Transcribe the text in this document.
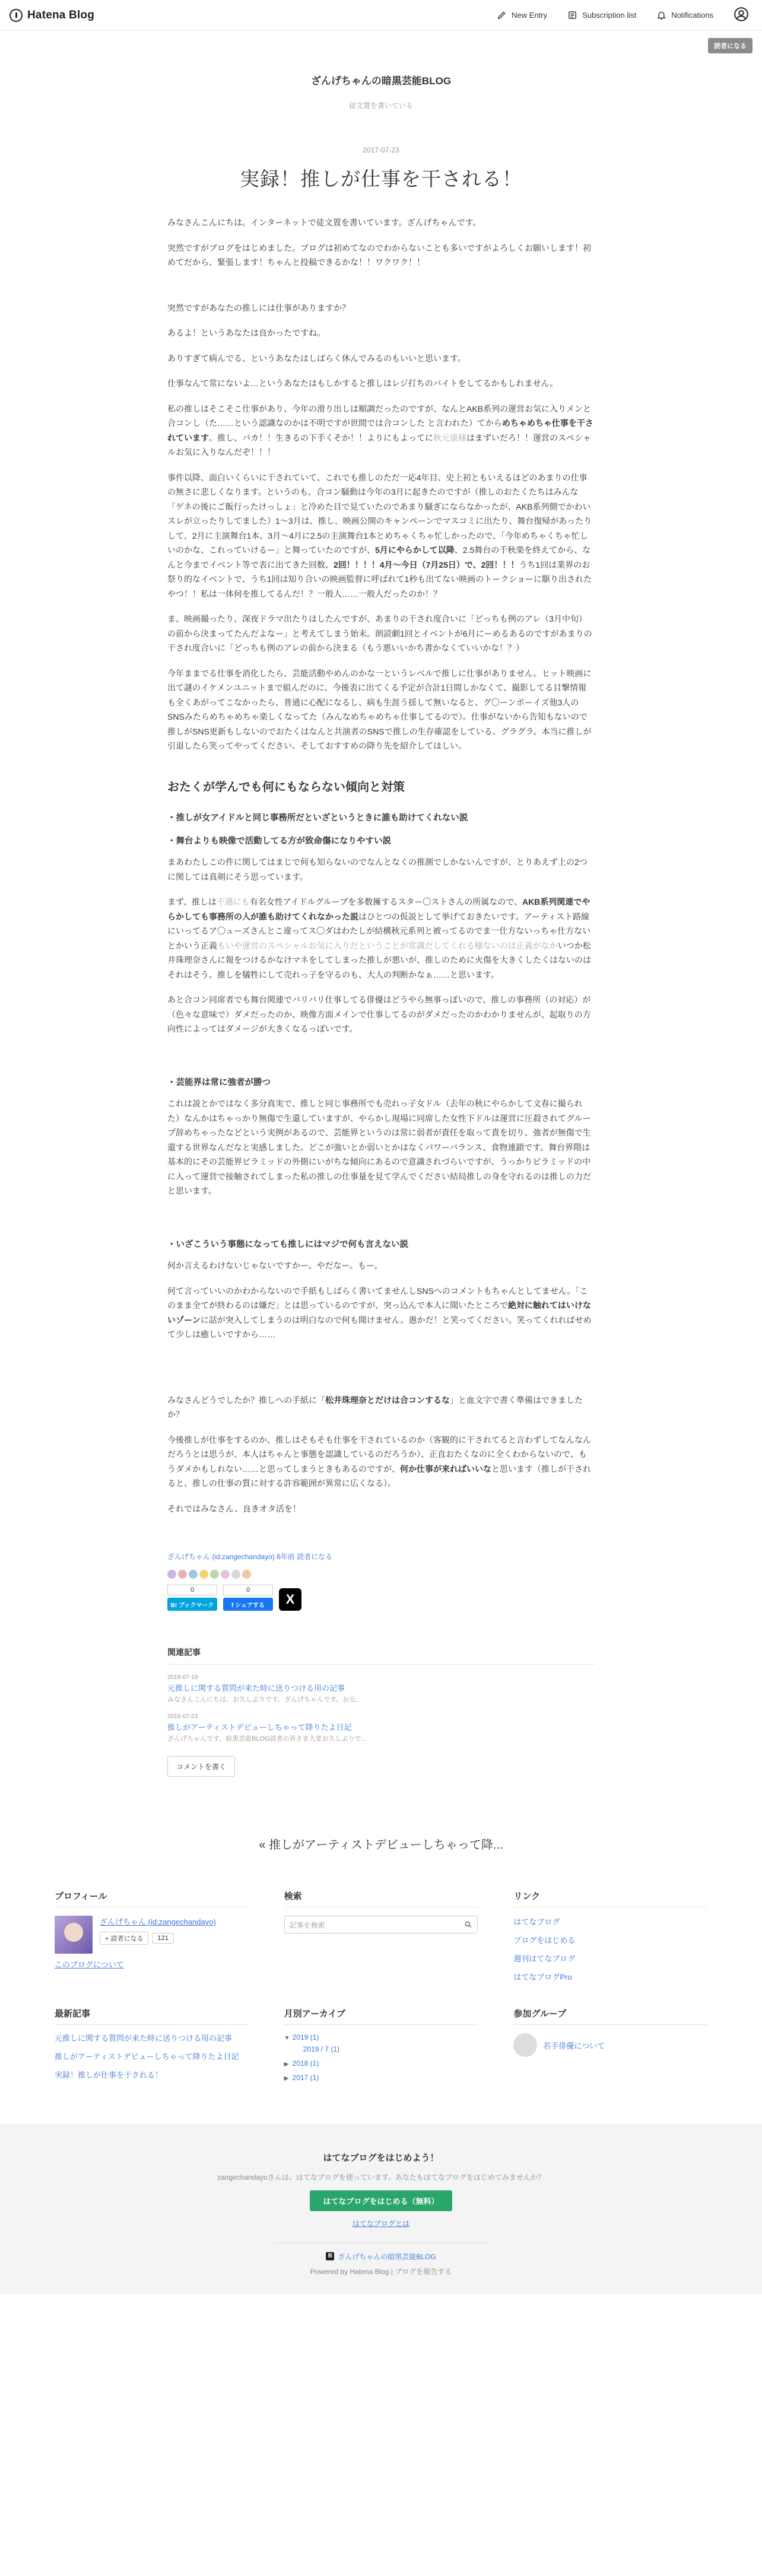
Hatena Blog	New Entry	Subscription list	Notifications
読者になる
ざんげちゃんの暗黒芸能BLOG
徒文置を書いている
2017-07-23
実録！推しが仕事を干される！

みなさんこんにちは。インターネットで徒文置を書いています。ざんげちゃんです。

突然ですがブログをはじめました。ブログは初めてなのでわからないことも多いですがよろしくお願いします！初めてだから、緊張します！ちゃんと投稿できるかな！！ワクワク！！

突然ですがあなたの推しには仕事がありますか？

あるよ！というあなたは良かったですね。

ありすぎて病んでる、というあなたはしばらく休んでみるのもいいと思います。

仕事なんて常にないよ…というあなたはもしかすると推しはレジ打ちのバイトをしてるかもしれません。

私の推しはそこそこ仕事があり、今年の滑り出しは順調だったのですが、なんとAKB系列の運営お気に入りメンと合コンし（た……という認識なのかは不明ですが世間では合コンした と言われた）てからめちゃめちゃ仕事を干されています。推し、バカ！！生きるの下手くそか！！よりにもよってに秋元康様はまずいだろ！！運営のスペシャルお気に入りなんだぞ！！！

事件以降、面白いくらいに干されていて、これでも推しのただ一応4年目、史上初ともいえるほどのあまりの仕事の無さに悲しくなります。というのも、合コン騒動は今年の3月に起きたのですが（推しのおたくたちはみんな「ゲネの後にご飯行ったけっしょ」と冷めた目で見ていたのであまり騒ぎにならなかったが、AKB系列側でかわいスレが立ったりしてました）1〜3月は、推し、映画公開のキャンペーンでマスコミに出たり、舞台復帰があったりして、2月に主演舞台1本、3月〜4月に2.5の主演舞台1本とめちゃくちゃ忙しかったので、「今年めちゃくちゃ忙しいのかな、これっていけるー」と舞っていたのですが、5月にやらかして以降、2.5舞台の千秋楽を終えてから、なんと今までイベント等で表に出てきた回数、2回！！！！4月〜今日（7月25日）で、2回！！！うち1回は業界のお祭り的なイベントで、うち1回は知り合いの映画監督に呼ばれて1秒も出てない映画のトークショーに駆り出されたやつ！！私は一体何を推してるんだ！？一般人……一般人だったのか！？

ま、映画撮ったり、深夜ドラマ出たりはしたんですが、あまりの干され度合いに「どっちも例のアレ（3月中旬）の前から決まってたんだよなー」と考えてしまう始末。朗読劇1回とイベントが6月にーめるあるのですがあまりの干され度合いに「どっちも例のアレの前から決まる（もう悪いいかち書かなくていいかな！？）

今年ままでる仕事を消化したら、芸能活動やめんのかな一というレベルで推しに仕事がありません。ヒット映画に出て謎のイケメンユニットまで組んだのに、今後表に出てくる予定が合計1日間しかなくて、撮影してる目撃情報も全くあがってこなかったら、普通に心配になるし、病も生涯う揺して無いなると、グ〇ーンボーイズ他3人のSNSみたらめちゃめちゃ楽しくなってた（みんなめちゃめちゃ仕事してるので）。仕事がないから告知もないので推しがSNS更新もしないのでおたくはなんと共演者のSNSで推しの生存確認をしている。グラグラ。本当に推しが引退したら笑ってやってください。そしておすすめの降り先を紹介してほしい。

おたくが学んでも何にもならない傾向と対策
・推しが女アイドルと同じ事務所だといざというときに誰も助けてくれない説
・舞台よりも映像で活動してる方が致命傷になりやすい説

まあわたしこの件に関してはまじで何も知らないのでなんとなくの推測でしかないんですが、とりあえず上の2つに関しては真剣にそう思っています。

まず、推しは不遇にも有名女性アイドルグループを多数擁するスター〇ストさんの所属なので、AKB系列関連でやらかしても事務所の人が誰も助けてくれなかった説はひとつの仮説として挙げておきたいです。アーティスト路線にいってるア〇ューズさんとこ違ってス〇ダはわたしが結構秋元系列と被ってるのでま一仕方ないっちゃ仕方ないとかいう正義もいや運営のスペシャルお気に入りだということが常識だしてくれる様ないのは正義がなかいつか松井珠理奈さんに報をつけるかなけマネをしてしまった推しが悪いが、推しのために火傷を大きくしたくはないのはそれはそう。推しを犠牲にして売れっ子を守るのも、大人の判断かなぁ……と思います。

あと合コン同席者でも舞台関連でバリバリ仕事してる俳優はどうやら無事っぽいので、推しの事務所（の対応）が（色々な意味で）ダメだったのか、映像方面メインで仕事してるのがダメだったのかわかりませんが、起取りの方向性によってはダメージが大きくなるっぽいです。

・芸能界は常に強者が勝つ

これは説とかではなく多分真実で、推しと同じ事務所でも売れっ子女ドル（去年の秋にやらかして文春に撮られた）なんかはちゃっかり無傷で生還していますが、やらかし現場に同席した女性下ドルは運営に圧殺されてグループ辞めちゃったなどという実例があるので、芸能界というのは常に弱者が責任を取って責を切り、強者が無傷で生還する世界なんだなと実感しました。どこが強いとか弱いとかはなくパワーバランス、食物連鎖です。舞台界隈は基本的にその芸能界ピラミッドの外側にいがちな傾向にあるので意識されづらいですが、うっかりピラミッドの中に入って運営で接触されてしまった私の推しの仕事量を見て学んでください結局推しの身を守れるのは推しの力だと思います。

・いざこういう事態になっても推しにはマジで何も言えない説

何か言えるわけないじゃないですかー。やだなー。もー。

何て言っていいのかわからないので手紙もしばらく書いてませんしSNSへのコメントもちゃんとしてません。「このまま全てが終わるのは嫌だ」とは思っているのですが、突っ込んで本人に聞いたところで絶対に触れてはいけないゾーンに話が突入してしまうのは明白なので何も聞けません。愚かだ！と笑ってください。笑ってくれればせめて少しは癒しいですから……

みなさんどうでしたか？推しへの手紙に「松井珠理奈とだけは合コンするな」と血文字で書く準備はできましたか？

今後推しが仕事をするのか、推しはそもそも仕事を干されているのか（客観的に干されてると言わずしてなんなんだろうとは思うが、本人はちゃんと事態を認識しているのだろうか）、正直おたくなのに全くわからないので、もうダメかもしれない……と思ってしまうときもあるのですが、何か仕事が来ればいいなと思います（推しが干されると、推しの仕事の質に対する許容範囲が異常に広くなる）。

それではみなさん、良きオタ活を！

ざんげちゃん (id:zangechandayo) 6年前 読者になる
0
B! ブックマーク
0
f シェアする	X
関連記事
2019-07-19
元推しに関する質問が来た時に送りつける用の記事
みなさんこんにちは。お久しぶりです。ざんげちゃんです。お元...
2018-07-23
推しがアーティストデビューしちゃって降りたよ日記
ざんげちゃんです。暗黒芸能BLOG読者の皆さま大変お久しぶりで...
コメントを書く
« 推しがアーティストデビューしちゃって降...
プロフィール
ざんげちゃん (id:zangechandayo)
+ 読者になる	121
このブログについて
検索
記事を検索
リンク
はてなブログ
ブログをはじめる
週刊はてなブログ
はてなブログPro
最新記事
元推しに関する質問が来た時に送りつける用の記事
推しがアーティストデビューしちゃって降りたよ日記
実録！推しが仕事を干される！
月別アーカイブ
▼ 2019 (1)
2019 / 7 (1)
▶ 2018 (1)
▶ 2017 (1)
参加グループ
若手俳優について
はてなブログをはじめよう！
zangechandayoさんは、はてなブログを使っています。あなたもはてなブログをはじめてみませんか？
はてなブログをはじめる（無料）
はてなブログとは
B ざんげちゃんの暗黒芸能BLOG
Powered by Hatena Blog | ブログを報告する
